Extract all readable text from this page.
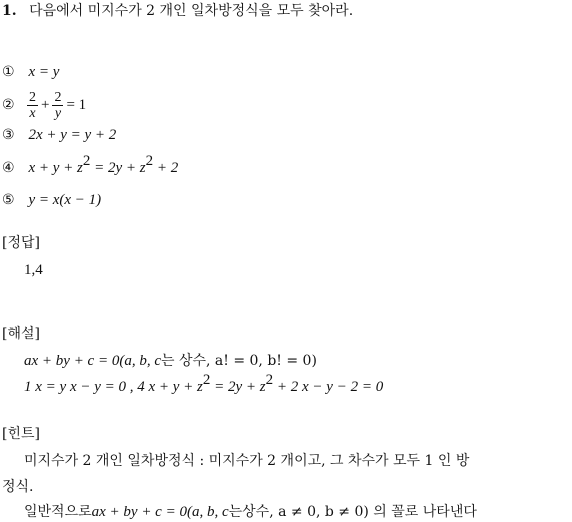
1. 다음에서 미지수가 2 개인 일차방정식을 모두 찾아라.
① x = y
② $\frac{2}{x} + \frac{2}{y} = 1$
③ 2x + y = y + 2
④ $x + y + z^2 = 2y + z^2 + 2$
⑤ y = x(x − 1)
[정답]
1,4
[해설]
ax + by + c = 0(a, b, c는 상수, a! = 0, b! = 0)
1 x = y x − y = 0 , 4 $x + y + z^2 = 2y + z^2 + 2$ x − y − 2 = 0
[힌트]
미지수가 2 개인 일차방정식 : 미지수가 2 개이고, 그 차수가 모두 1 인 방
정식.
일반적으로ax + by + c = 0(a, b, c는상수, a ≠ 0, b ≠ 0) 의 꼴로 나타낸다
